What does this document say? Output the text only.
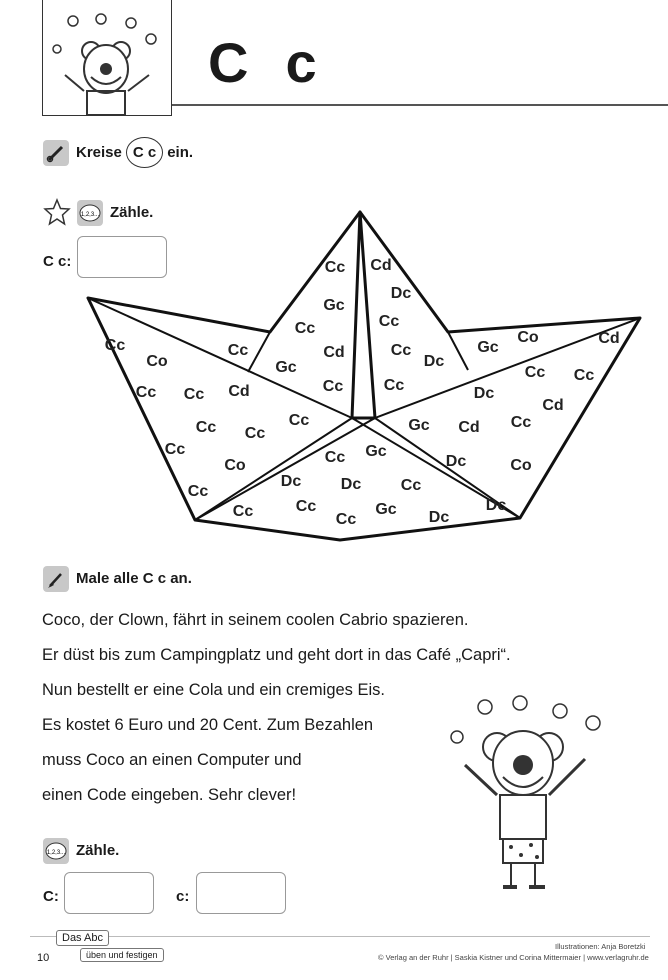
C  c
Kreise C c ein.
1,2,3... Zähle.
C c:	Cc Cd
Dc
Gc
Cc	Cc
Cd
Cc	Cc
Co
Cc
Gc
Cc
Dc
Cc
Gc
Co	Cd
Cc Cc
Cc Cc Cd	Dc
Cc
Cd
Cc Cc	Gc Cd Cc
Cc	Gc
Dc
Cc
Co	Co
Dc Dc
Cc	Cc
Dc
Cc	Cc	Gc	Dc
Cc
Male alle C c an.
Coco, der Clown, fährt in seinem coolen Cabrio spazieren.
Er düst bis zum Campingplatz und geht dort in das Café „Capri“.
Nun bestellt er eine Cola und ein cremiges Eis.
Es kostet 6 Euro und 20 Cent. Zum Bezahlen
muss Coco an einen Computer und
einen Code eingeben. Sehr clever!
1,2,3... Zähle.
C:	c:
10
Das Abc
üben und festigen
Illustrationen: Anja Boretzki
© Verlag an der Ruhr | Saskia Kistner und Corina Mittermaier | www.verlagruhr.de
